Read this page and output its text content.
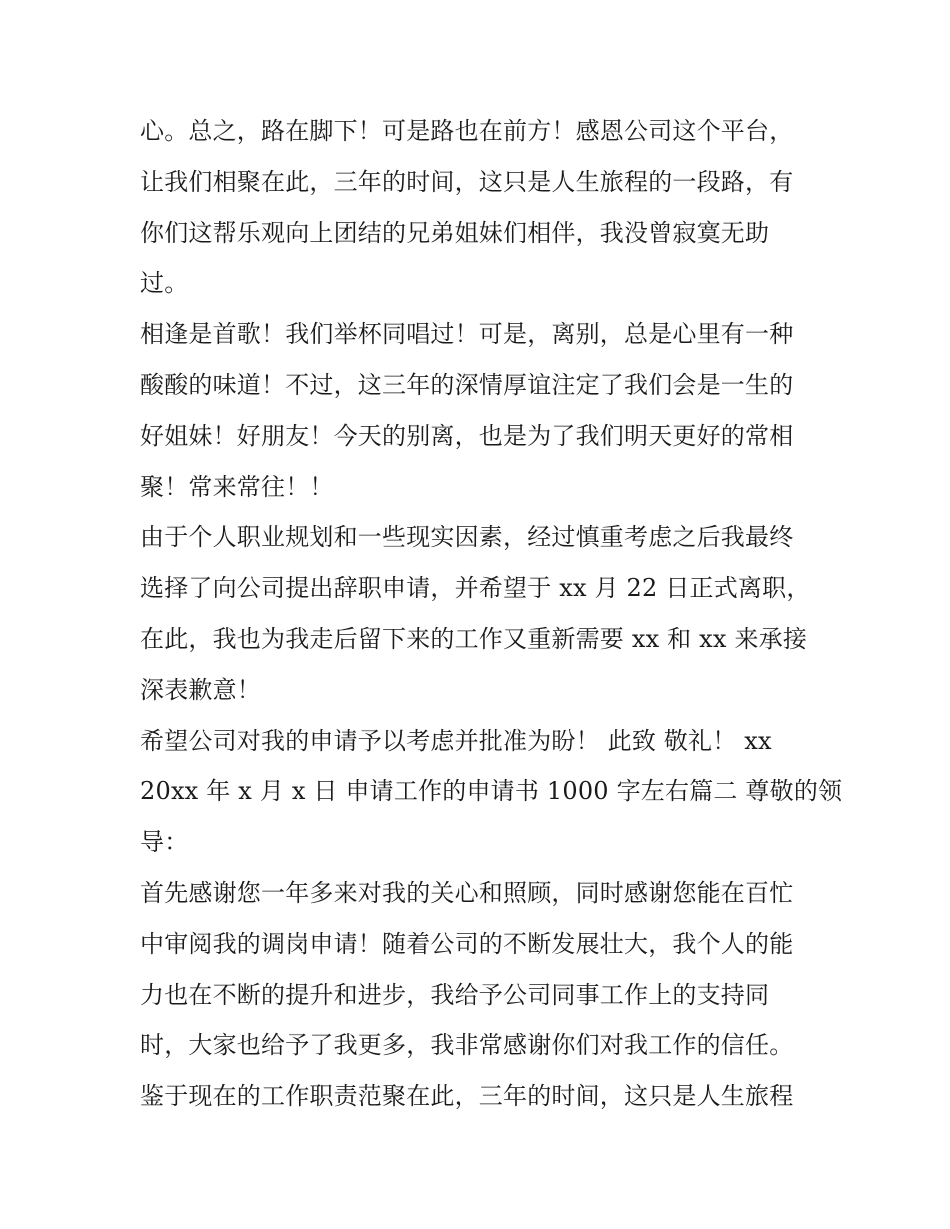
心。总之，路在脚下！可是路也在前方！感恩公司这个平台，
让我们相聚在此，三年的时间，这只是人生旅程的一段路，有
你们这帮乐观向上团结的兄弟姐妹们相伴，我没曾寂寞无助
过。
相逢是首歌！我们举杯同唱过！可是，离别，总是心里有一种
酸酸的味道！不过，这三年的深情厚谊注定了我们会是一生的
好姐妹！好朋友！今天的别离，也是为了我们明天更好的常相
聚！常来常往！！
由于个人职业规划和一些现实因素，经过慎重考虑之后我最终
选择了向公司提出辞职申请，并希望于 xx 月 22 日正式离职，
在此，我也为我走后留下来的工作又重新需要 xx 和 xx 来承接
深表歉意！
希望公司对我的申请予以考虑并批准为盼！ 此致 敬礼！ xx
20xx 年 x 月 x 日 申请工作的申请书 1000 字左右篇二 尊敬的领
导：
首先感谢您一年多来对我的关心和照顾，同时感谢您能在百忙
中审阅我的调岗申请！随着公司的不断发展壮大，我个人的能
力也在不断的提升和进步，我给予公司同事工作上的支持同
时，大家也给予了我更多，我非常感谢你们对我工作的信任。
鉴于现在的工作职责范聚在此，三年的时间，这只是人生旅程
